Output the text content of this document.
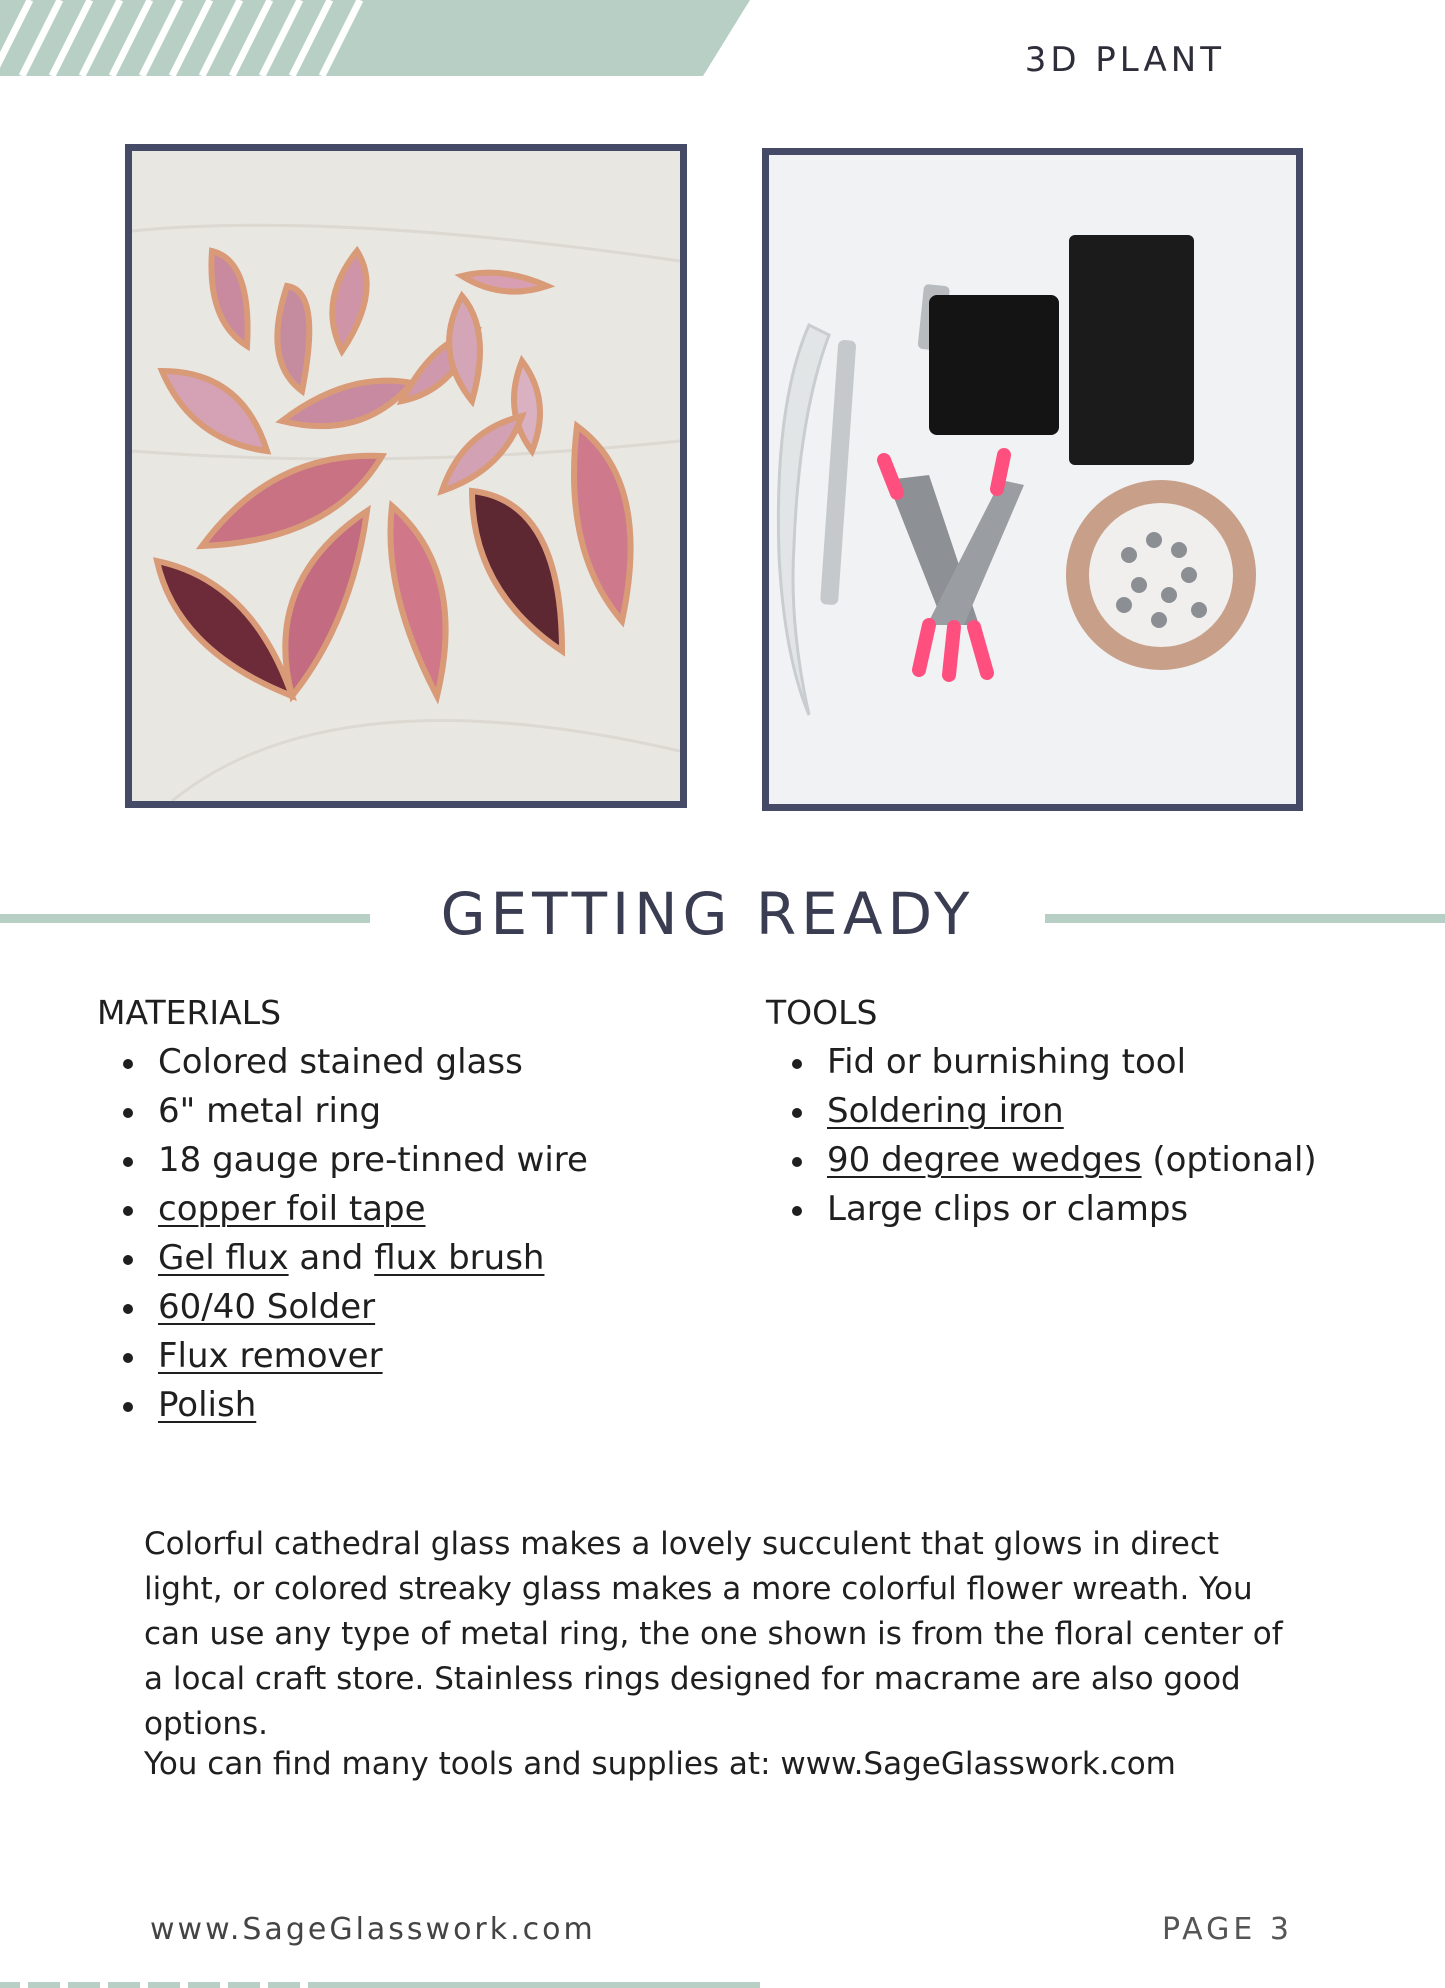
3D PLANT
GETTING READY
MATERIALS
Colored stained glass
6" metal ring
18 gauge pre-tinned wire
copper foil tape
Gel flux and flux brush
60/40 Solder
Flux remover
Polish
TOOLS
Fid or burnishing tool
Soldering iron
90 degree wedges (optional)
Large clips or clamps

Colorful cathedral glass makes a lovely succulent that glows in direct light, or colored streaky glass makes a more colorful flower wreath. You can use any type of metal ring, the one shown is from the floral center of a local craft store. Stainless rings designed for macrame are also good options.

You can find many tools and supplies at: www.SageGlasswork.com

www.SageGlasswork.com	PAGE 3
